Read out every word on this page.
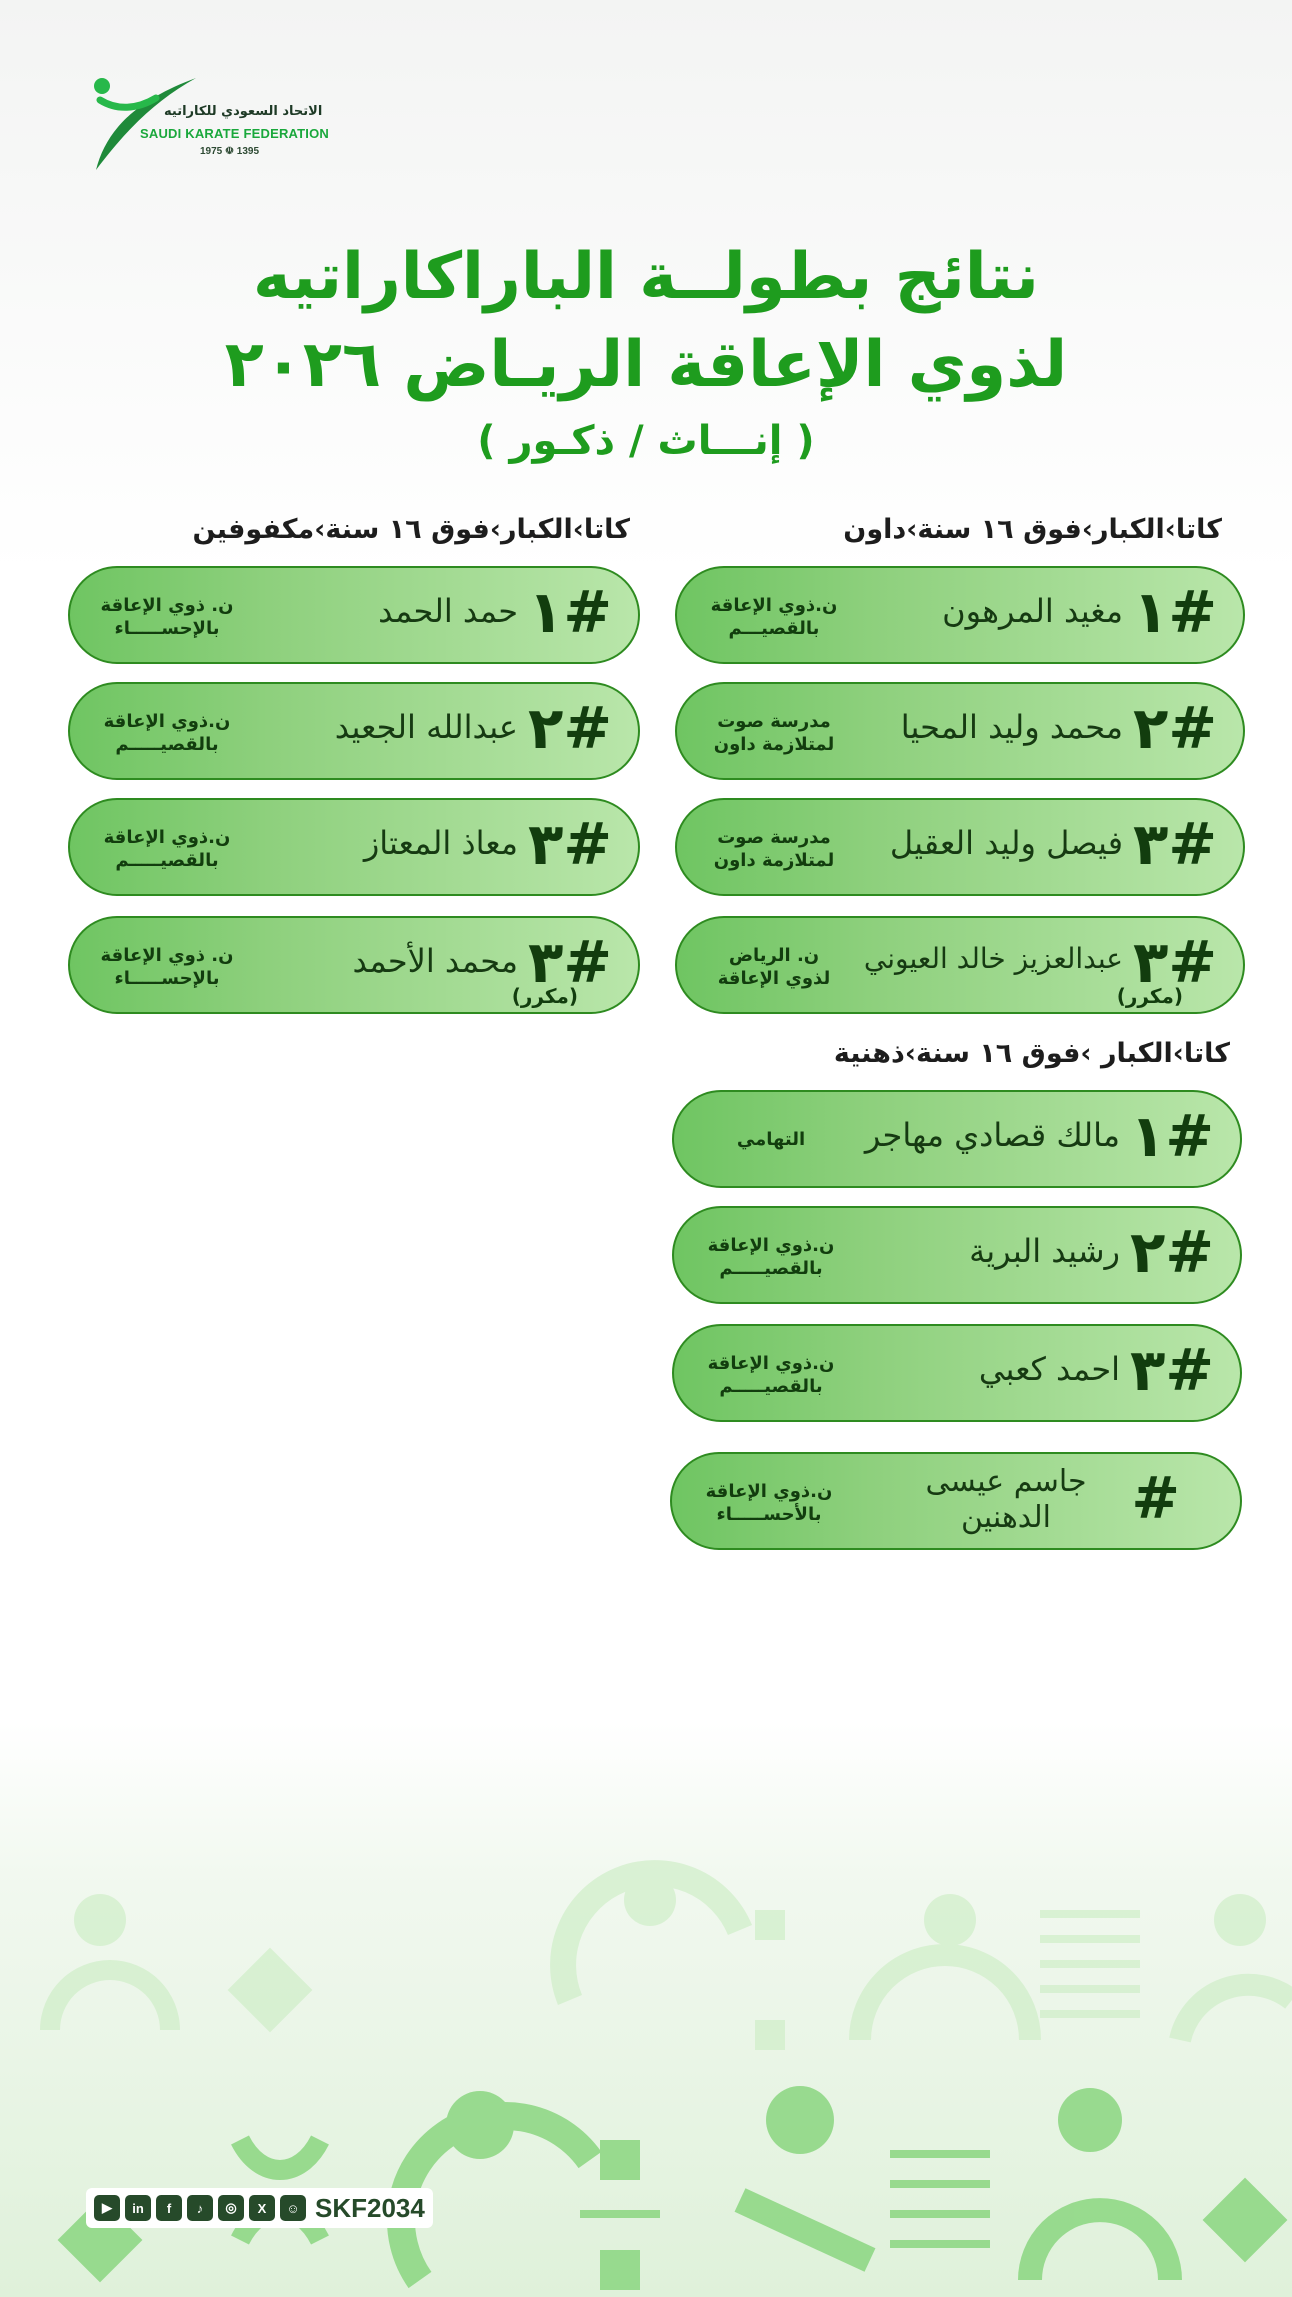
الاتحاد السعودي للكاراتيه
SAUDI KARATE FEDERATION
1975 ☫ 1395
نتائج بطولــة الباراكاراتيه
لذوي الإعاقة الريـاض ٢٠٢٦
( إنـــاث / ذكـور )
كاتا›الكبار›فوق ١٦ سنة›داون
#١
مغيد المرهون
ن.ذوي الإعاقة
بالقصيـــم
#٢
محمد وليد المحيا
مدرسة صوت
لمتلازمة داون
#٣
فيصل وليد العقيل
مدرسة صوت
لمتلازمة داون
#٣
عبدالعزيز خالد العيوني
ن. الرياض
لذوي الإعاقة
(مكرر)
كاتا›الكبار›فوق ١٦ سنة›مكفوفين
#١
حمد الحمد
ن. ذوي الإعاقة
بالإحســـــاء
#٢
عبدالله الجعيد
ن.ذوي الإعاقة
بالقصيـــــم
#٣
معاذ المعتاز
ن.ذوي الإعاقة
بالقصيـــــم
#٣
محمد الأحمد
ن. ذوي الإعاقة
بالإحســـــاء
(مكرر)
كاتا›الكبار ›فوق ١٦ سنة›ذهنية
#١
مالك قصادي مهاجر
التهامي
#٢
رشيد البرية
ن.ذوي الإعاقة
بالقصيـــــم
#٣
احمد كعبي
ن.ذوي الإعاقة
بالقصيـــــم
#
جاسم عيسى الدهنين
ن.ذوي الإعاقة
بالأحســـــاء
▶	in	f	♪	◎	X	☺ SKF2034
